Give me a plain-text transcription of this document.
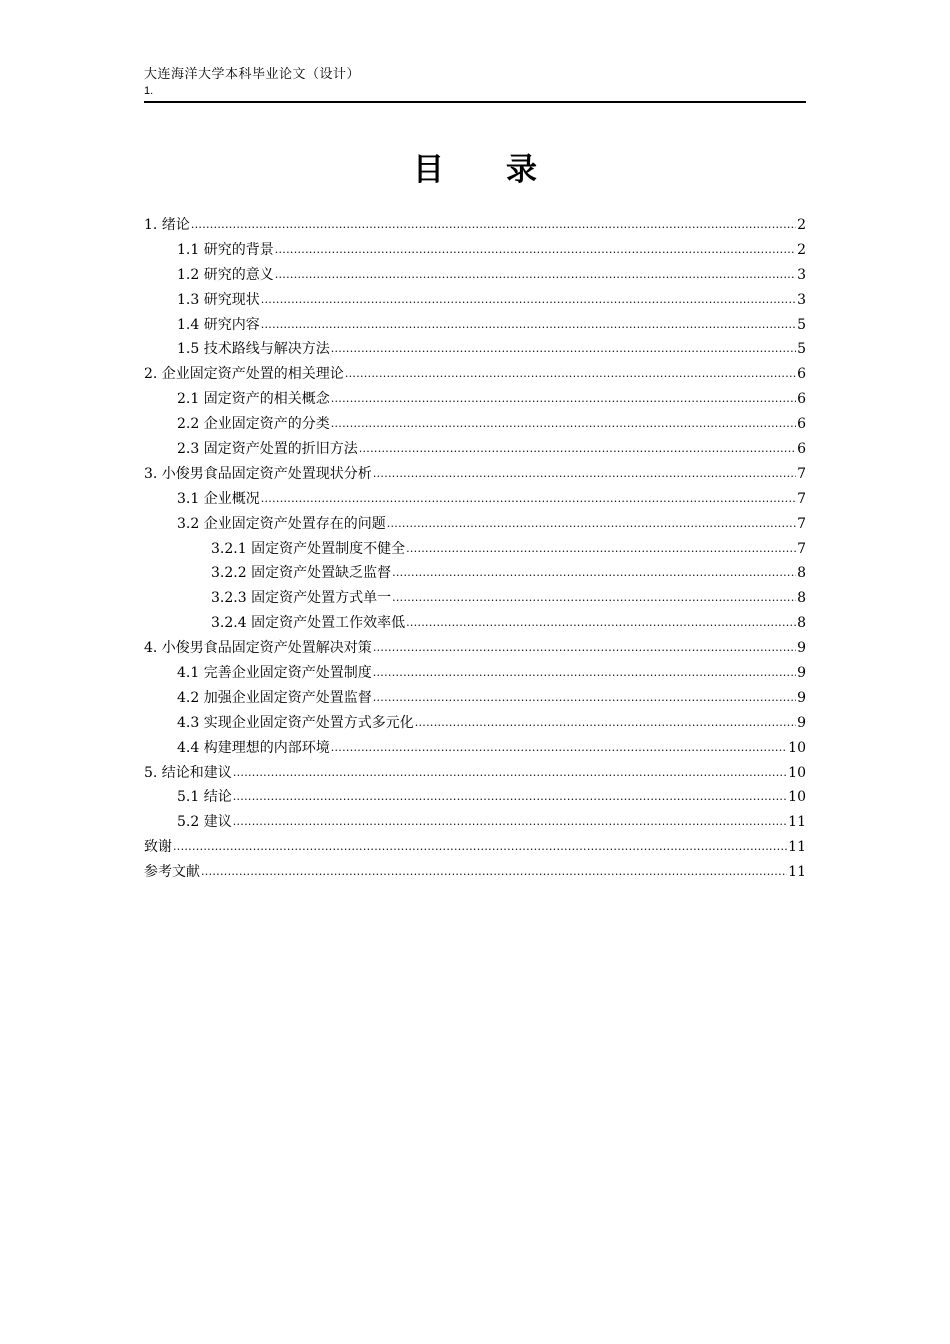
大连海洋大学本科毕业论文（设计）
1.
目 录
1. 绪论 .....	2
1.1 研究的背景 .....	2
1.2 研究的意义 .....	3
1.3 研究现状 .....	3
1.4 研究内容 .....	5
1.5 技术路线与解决方法 .....	5
2. 企业固定资产处置的相关理论 .....	6
2.1 固定资产的相关概念 .....	6
2.2 企业固定资产的分类 .....	6
2.3 固定资产处置的折旧方法 .....	6
3. 小俊男食品固定资产处置现状分析 .....	7
3.1 企业概况 .....	7
3.2 企业固定资产处置存在的问题 .....	7
3.2.1 固定资产处置制度不健全 .....	7
3.2.2 固定资产处置缺乏监督 .....	8
3.2.3 固定资产处置方式单一 .....	8
3.2.4 固定资产处置工作效率低 .....	8
4. 小俊男食品固定资产处置解决对策 .....	9
4.1 完善企业固定资产处置制度 .....	9
4.2 加强企业固定资产处置监督 .....	9
4.3 实现企业固定资产处置方式多元化 .....	9
4.4 构建理想的内部环境 .....	10
5. 结论和建议 .....	10
5.1 结论 .....	10
5.2 建议 .....	11
致谢 .....	11
参考文献 .....	11
